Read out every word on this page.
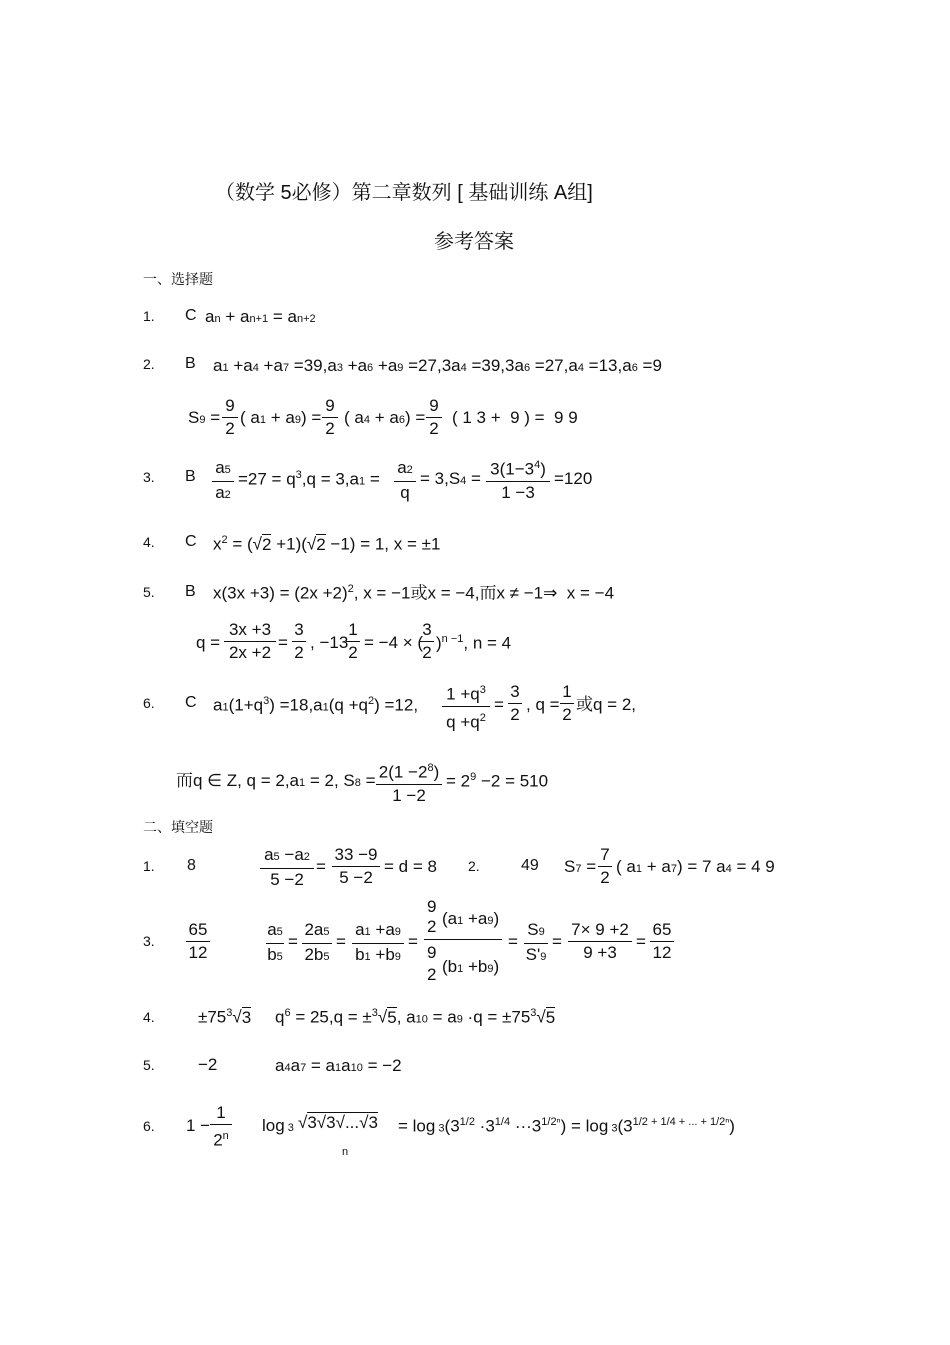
（数学 5必修）第二章数列 [ 基础训练 A组]
参考答案
一、选择题
1. C an + an+1 = an+2
2. B a1 +a4 +a7 =39,a3 +a6 +a9 =27,3a4 =39,3a6 =27,a4 =13,a6 =9
S9 =
9
2
( a1 + a9) =
9
2
( a4 + a6) =
9
2
( 1 3 +  9 ) =  9 9
3. B a5
a2
$=27 = q^3,q = 3,a1$ =
a2
q
= $3,S4 = 3(1-3^4)$
1 −3
=120
4. C $x^2 = (√2 +1)(√2 -1) = 1$, x = ±1
5. B $x(3x +3) = (2x +2)^2$, x = −1或x = −4,而x ≠ −1⇒  x = −4
q =
3x +3
2x +2
=
3
2
, −13
1
2
= −4 × (
3
2 )$^{n -1}$, n = 4
6. C $a1(1+q^3) =18,a1(q +q^2) =12$,
$1 +q^3$
$q +q^2$
=
3
2
, q =
1
2
或q = 2,
而q ∈ Z, q = 2,a1 = 2, $S8 = 2(1 -2^8)$
1 −2
= $2^9 -2 = 510$
二、填空题
1. 8
a5 −a2
5 −2
=
33 −9
5 −2
= d = 8 2.	49 S7 =
7
2
( a1 + a7) = 7 a4 = 4 9
3.
65
12
a5
b5
=
2a5
2b5
=
a1 +a9
b1 +b9
=
9
2 (a1 +a9)
9
2 (b1 +b9)
=
S9
S'9
=
7× 9 +2
9 +3
=
65
12
4.	$\pm 75^3√3$ $q^6 = 25,q = \pm^3√5$, $a10 = a9 \cdot q = \pm 75^3√5$
5.	−2	a4a7 = a1a10 = −2
6. 1 −
1
2$^n$
log 3 √3√3√...√3
n
= $\log 3(3^{1/2} \cdot 3^{1/4} \cdot\cdot\cdot 3^{1/2^n}) = \log 3(3^{1/2 + 1/4 + ... + 1/2^n})$
